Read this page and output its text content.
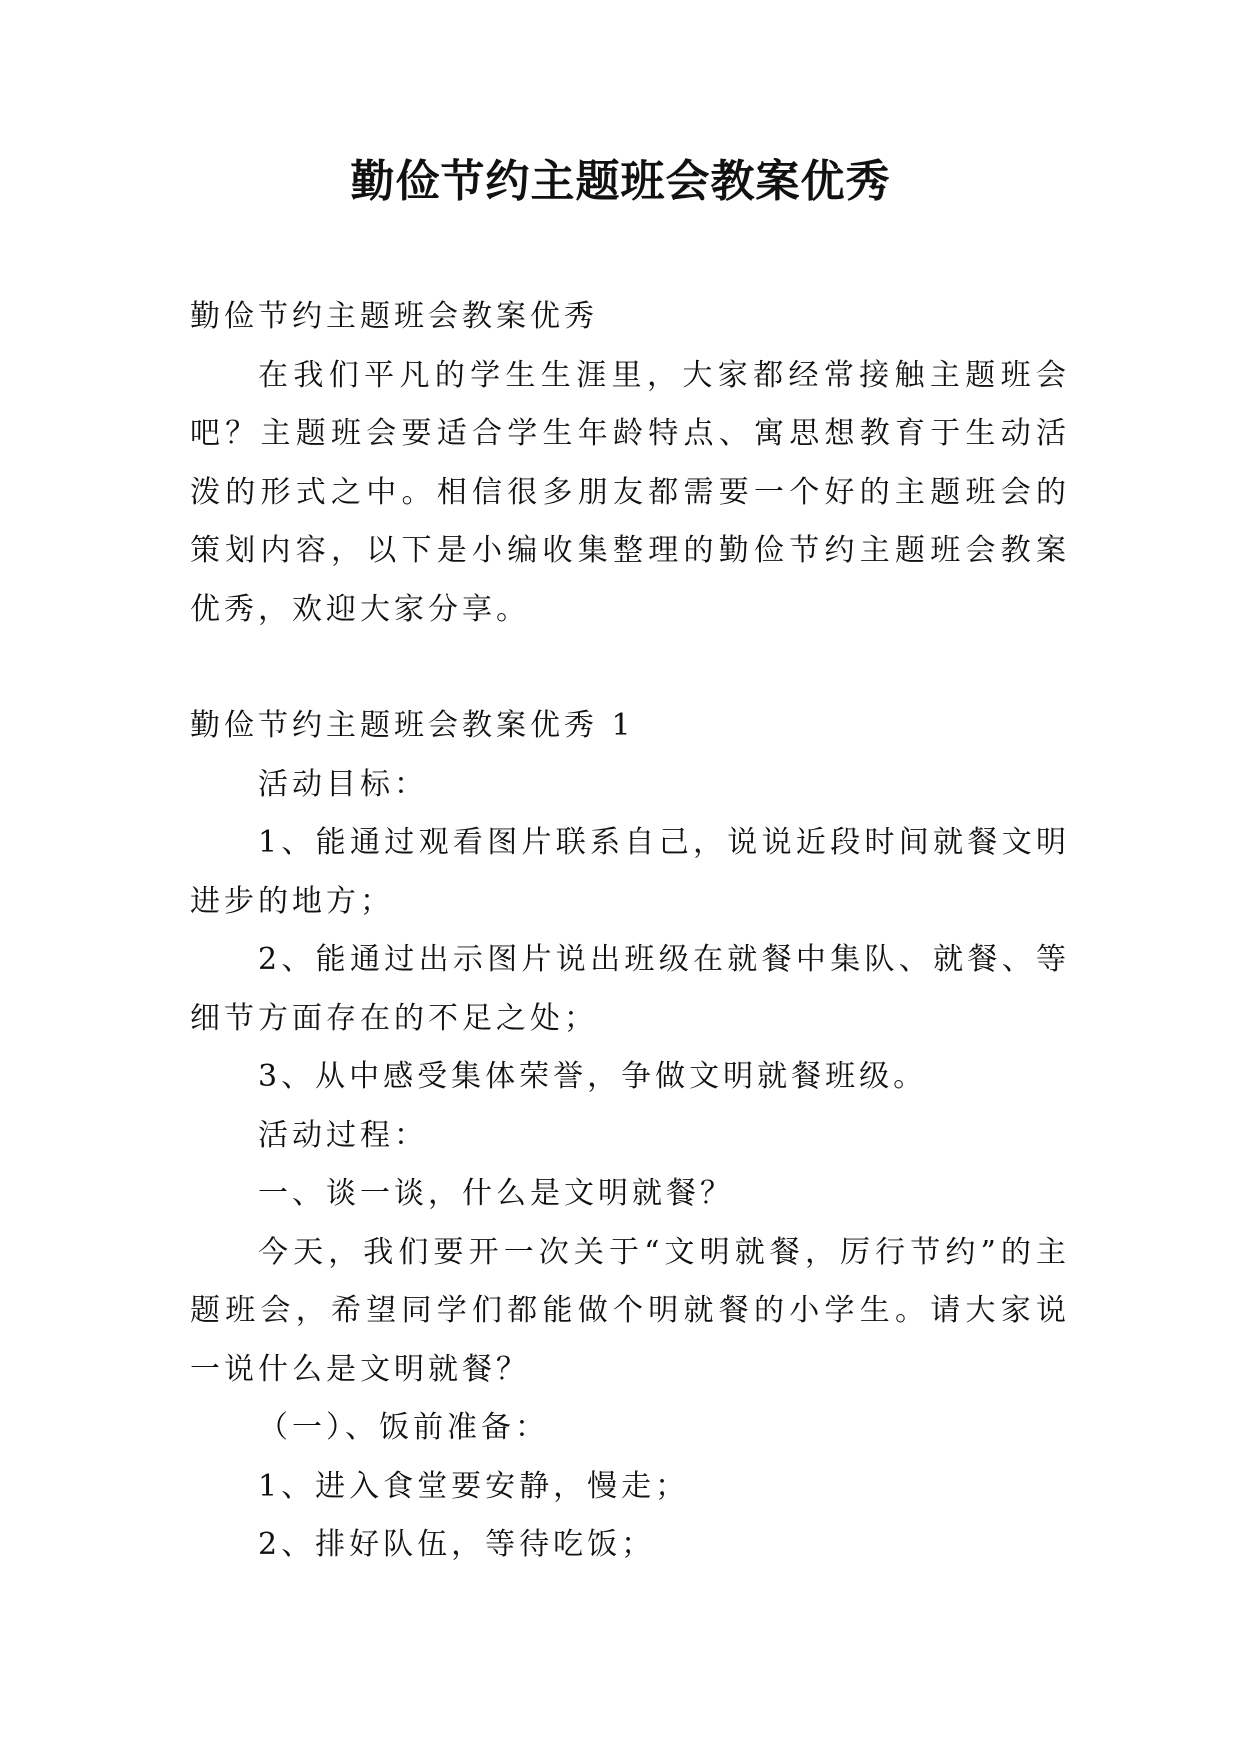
勤俭节约主题班会教案优秀

勤俭节约主题班会教案优秀

在我们平凡的学生生涯里，大家都经常接触主题班会吧？主题班会要适合学生年龄特点、寓思想教育于生动活泼的形式之中。相信很多朋友都需要一个好的主题班会的策划内容，以下是小编收集整理的勤俭节约主题班会教案优秀，欢迎大家分享。

勤俭节约主题班会教案优秀 1

活动目标：

1、能通过观看图片联系自己，说说近段时间就餐文明进步的地方；

2、能通过出示图片说出班级在就餐中集队、就餐、等细节方面存在的不足之处；

3、从中感受集体荣誉，争做文明就餐班级。

活动过程：

一、谈一谈，什么是文明就餐？

今天，我们要开一次关于“文明就餐，厉行节约”的主题班会，希望同学们都能做个明就餐的小学生。请大家说一说什么是文明就餐？

（一）、饭前准备：

1、进入食堂要安静，慢走；

2、排好队伍，等待吃饭；
